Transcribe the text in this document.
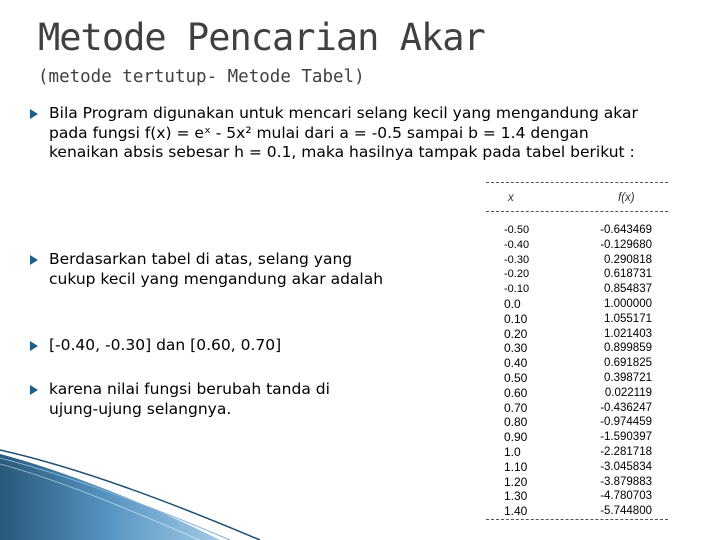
Metode Pencarian Akar
(metode tertutup- Metode Tabel)
Bila Program digunakan untuk mencari selang kecil yang mengandung akar pada fungsi f(x) = eˣ - 5x² mulai dari a = -0.5 sampai b = 1.4 dengan kenaikan absis sebesar h = 0.1, maka hasilnya tampak pada tabel berikut :
Berdasarkan tabel di atas, selang yang cukup kecil yang mengandung akar adalah
[-0.40, -0.30] dan [0.60, 0.70]
karena nilai fungsi berubah tanda di ujung-ujung selangnya.
x	f(x)
-0.50	-0.643469
-0.40	-0.129680
-0.30	0.290818
-0.20	0.618731
-0.10	0.854837
0.0	1.000000
0.10	1.055171
0.20	1.021403
0.30	0.899859
0.40	0.691825
0.50	0.398721
0.60	0.022119
0.70	-0.436247
0.80	-0.974459
0.90	-1.590397
1.0	-2.281718
1.10	-3.045834
1.20	-3.879883
1.30	-4.780703
1.40	-5.744800
